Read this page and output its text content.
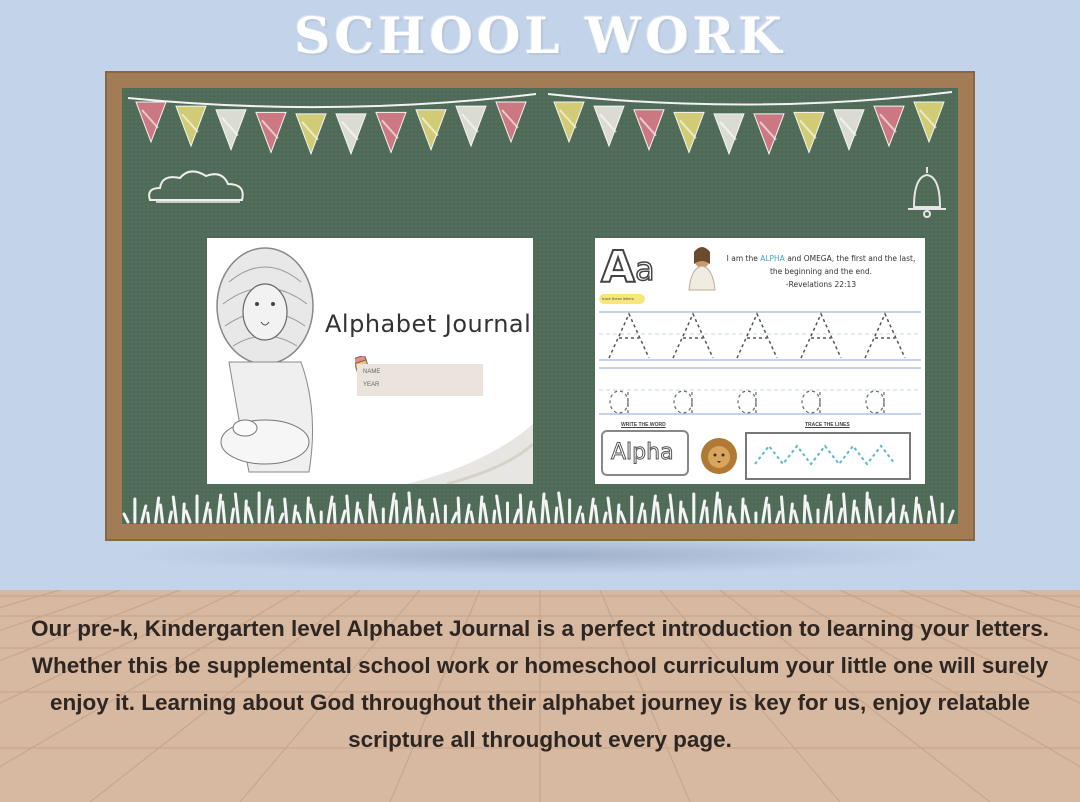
SCHOOL WORK
Alphabet Journal
NAME
YEAR
A a	I am the ALPHA and OMEGA, the first and the last,
the beginning and the end.
-Revelations 22:13
trace these letters
WRITE THE WORD	TRACE THE LINES
Alpha
Our pre-k, Kindergarten level Alphabet Journal is a perfect introduction to learning your letters. Whether this be supplemental school work or homeschool curriculum your little one will surely enjoy it. Learning about God throughout their alphabet journey is key for us, enjoy relatable scripture all throughout every page.
